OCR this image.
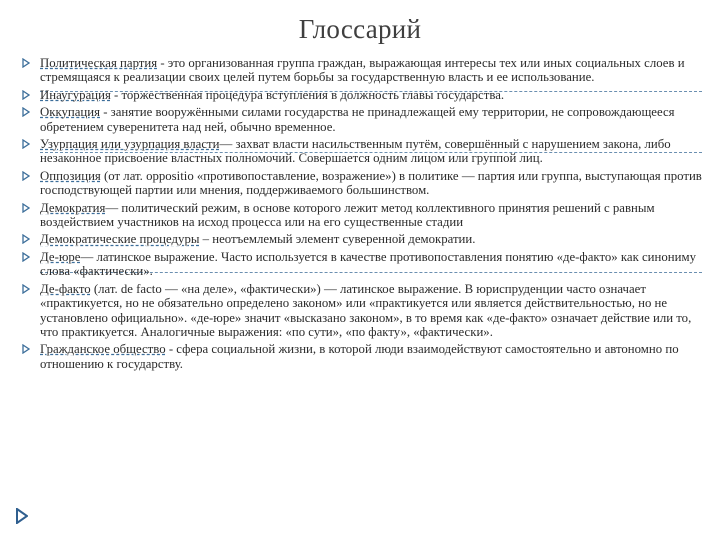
Глоссарий
Политическая партия - это организованная группа граждан, выражающая интересы тех или иных социальных слоев и стремящаяся к реализации своих целей путем борьбы за государственную власть и ее использование.
Инаугурация - торжественная процедура вступления в должность главы государства.
Оккупация - занятие вооружёнными силами государства не принадлежащей ему территории, не сопровождающееся обретением суверенитета над ней, обычно временное.
Узурпация или узурпация власти— захват власти насильственным путём, совершённый с нарушением закона, либо незаконное присвоение властных полномочий. Совершается одним лицом или группой лиц.
Оппозиция (от лат. oppositio «противопоставление, возражение») в политике — партия или группа, выступающая против господствующей партии или мнения, поддерживаемого большинством.
Демократия— политический режим, в основе которого лежит метод коллективного принятия решений с равным воздействием участников на исход процесса или на его существенные стадии
Демократические процедуры – неотъемлемый элемент суверенной демократии.
Де-юре— латинское выражение. Часто используется в качестве противопоставления понятию «де-факто» как синониму слова «фактически».
Де-факто (лат. de facto — «на деле», «фактически») — латинское выражение. В юриспруденции часто означает «практикуется, но не обязательно определено законом» или «практикуется или является действительностью, но не установлено официально». «де-юре» значит «высказано законом», в то время как «де-факто» означает действие или то, что практикуется. Аналогичные выражения: «по сути», «по факту», «фактически».
Гражданское общество - сфера социальной жизни, в которой люди взаимодействуют самостоятельно и автономно по отношению к государству.
